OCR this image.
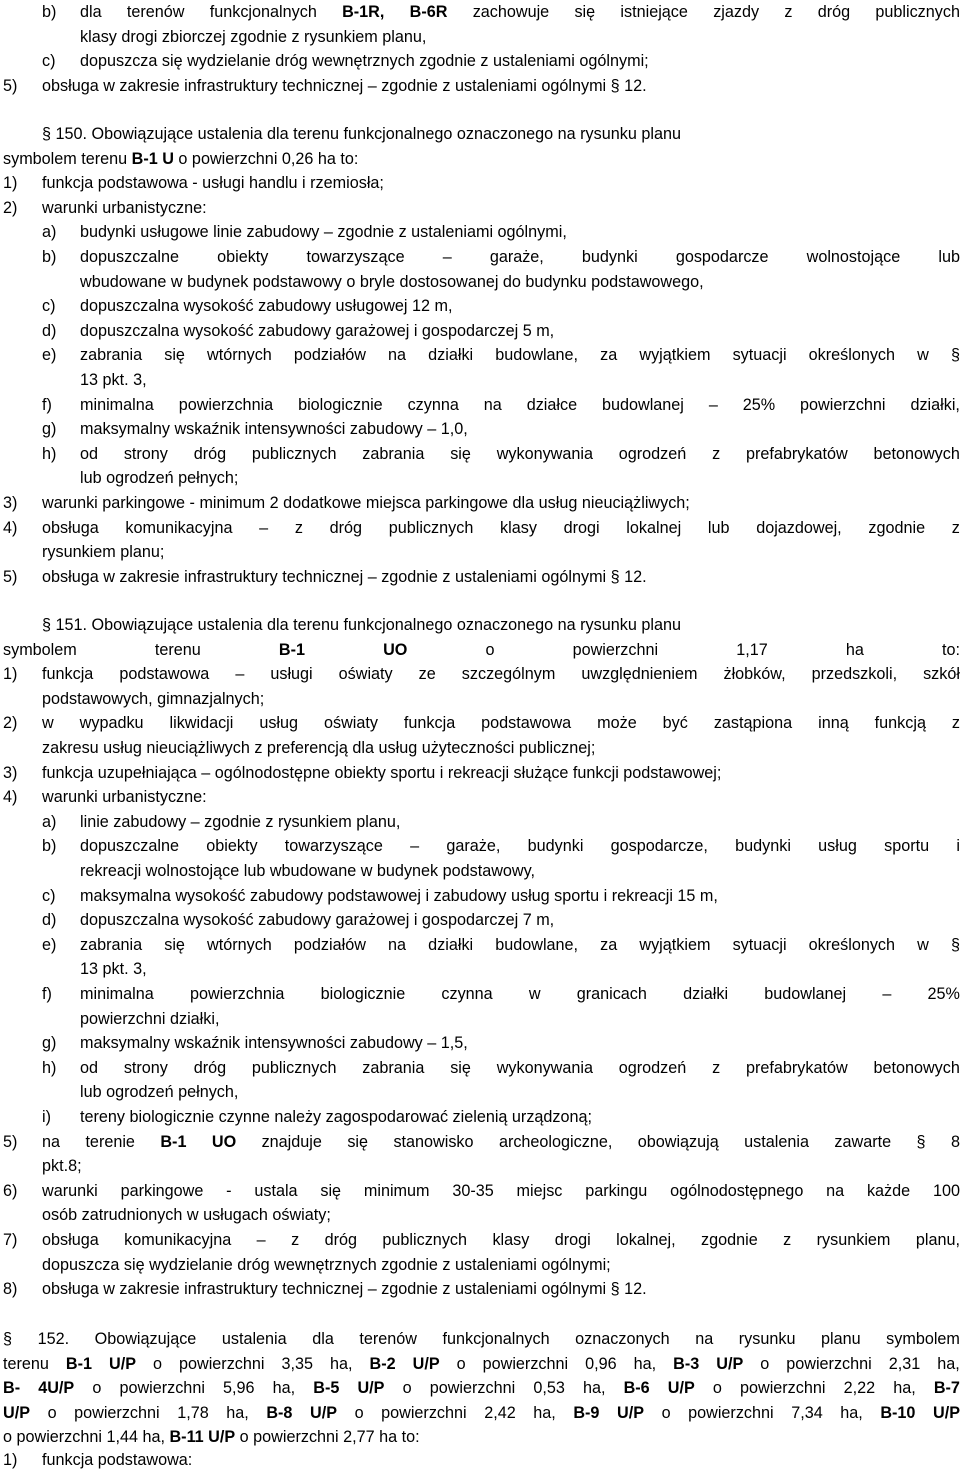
b) dla terenów funkcjonalnych B-1R, B-6R zachowuje się istniejące zjazdy z dróg publicznych
klasy drogi zbiorczej zgodnie z rysunkiem planu,
c) dopuszcza się wydzielanie dróg wewnętrznych zgodnie z ustaleniami ogólnymi;
5) obsługa w zakresie infrastruktury technicznej – zgodnie z ustaleniami ogólnymi § 12.
§ 150. Obowiązujące ustalenia dla terenu funkcjonalnego oznaczonego na rysunku planu
symbolem terenu B-1 U o powierzchni 0,26 ha to:
1) funkcja podstawowa - usługi handlu i rzemiosła;
2) warunki urbanistyczne:
a) budynki usługowe linie zabudowy – zgodnie z ustaleniami ogólnymi,
b) dopuszczalne obiekty towarzyszące – garaże, budynki gospodarcze wolnostojące lub
wbudowane w budynek podstawowy o bryle dostosowanej do budynku podstawowego,
c) dopuszczalna wysokość zabudowy usługowej 12 m,
d) dopuszczalna wysokość zabudowy garażowej i gospodarczej 5 m,
e) zabrania się wtórnych podziałów na działki budowlane, za wyjątkiem sytuacji określonych w §
13 pkt. 3,
f) minimalna powierzchnia biologicznie czynna na działce budowlanej – 25% powierzchni działki,
g) maksymalny wskaźnik intensywności zabudowy – 1,0,
h) od strony dróg publicznych zabrania się wykonywania ogrodzeń z prefabrykatów betonowych
lub ogrodzeń pełnych;
3) warunki parkingowe - minimum 2 dodatkowe miejsca parkingowe dla usług nieuciążliwych;
4) obsługa komunikacyjna – z dróg publicznych klasy drogi lokalnej lub dojazdowej, zgodnie z
rysunkiem planu;
5) obsługa w zakresie infrastruktury technicznej – zgodnie z ustaleniami ogólnymi § 12.
§ 151. Obowiązujące ustalenia dla terenu funkcjonalnego oznaczonego na rysunku planu
symbolem	terenu	B-1	UO	o	powierzchni	1,17	ha	to:
1) funkcja podstawowa – usługi oświaty ze szczególnym uwzględnieniem żłobków, przedszkoli, szkół
podstawowych, gimnazjalnych;
2) w wypadku likwidacji usług oświaty funkcja podstawowa może być zastąpiona inną funkcją z
zakresu usług nieuciążliwych z preferencją dla usług użyteczności publicznej;
3) funkcja uzupełniająca – ogólnodostępne obiekty sportu i rekreacji służące funkcji podstawowej;
4) warunki urbanistyczne:
a) linie zabudowy – zgodnie z rysunkiem planu,
b) dopuszczalne obiekty towarzyszące – garaże, budynki gospodarcze, budynki usług sportu i
rekreacji wolnostojące lub wbudowane w budynek podstawowy,
c) maksymalna wysokość zabudowy podstawowej i zabudowy usług sportu i rekreacji 15 m,
d) dopuszczalna wysokość zabudowy garażowej i gospodarczej 7 m,
e) zabrania się wtórnych podziałów na działki budowlane, za wyjątkiem sytuacji określonych w §
13 pkt. 3,
f) minimalna powierzchnia biologicznie czynna w granicach działki budowlanej – 25%
powierzchni działki,
g) maksymalny wskaźnik intensywności zabudowy – 1,5,
h) od strony dróg publicznych zabrania się wykonywania ogrodzeń z prefabrykatów betonowych
lub ogrodzeń pełnych,
i) tereny biologicznie czynne należy zagospodarować zielenią urządzoną;
5) na terenie B-1 UO znajduje się stanowisko archeologiczne, obowiązują ustalenia zawarte § 8
pkt.8;
6) warunki parkingowe - ustala się minimum 30-35 miejsc parkingu ogólnodostępnego na każde 100
osób zatrudnionych w usługach oświaty;
7) obsługa komunikacyjna – z dróg publicznych klasy drogi lokalnej, zgodnie z rysunkiem planu,
dopuszcza się wydzielanie dróg wewnętrznych zgodnie z ustaleniami ogólnymi;
8) obsługa w zakresie infrastruktury technicznej – zgodnie z ustaleniami ogólnymi § 12.
§ 152. Obowiązujące ustalenia dla terenów funkcjonalnych oznaczonych na rysunku planu symbolem
terenu B-1 U/P o powierzchni 3,35 ha, B-2 U/P o powierzchni 0,96 ha, B-3 U/P o powierzchni 2,31 ha,
B- 4U/P o powierzchni 5,96 ha, B-5 U/P o powierzchni 0,53 ha, B-6 U/P o powierzchni 2,22 ha, B-7
U/P o powierzchni 1,78 ha, B-8 U/P o powierzchni 2,42 ha, B-9 U/P o powierzchni 7,34 ha, B-10 U/P
o powierzchni 1,44 ha, B-11 U/P o powierzchni 2,77 ha to:
1) funkcja podstawowa:
